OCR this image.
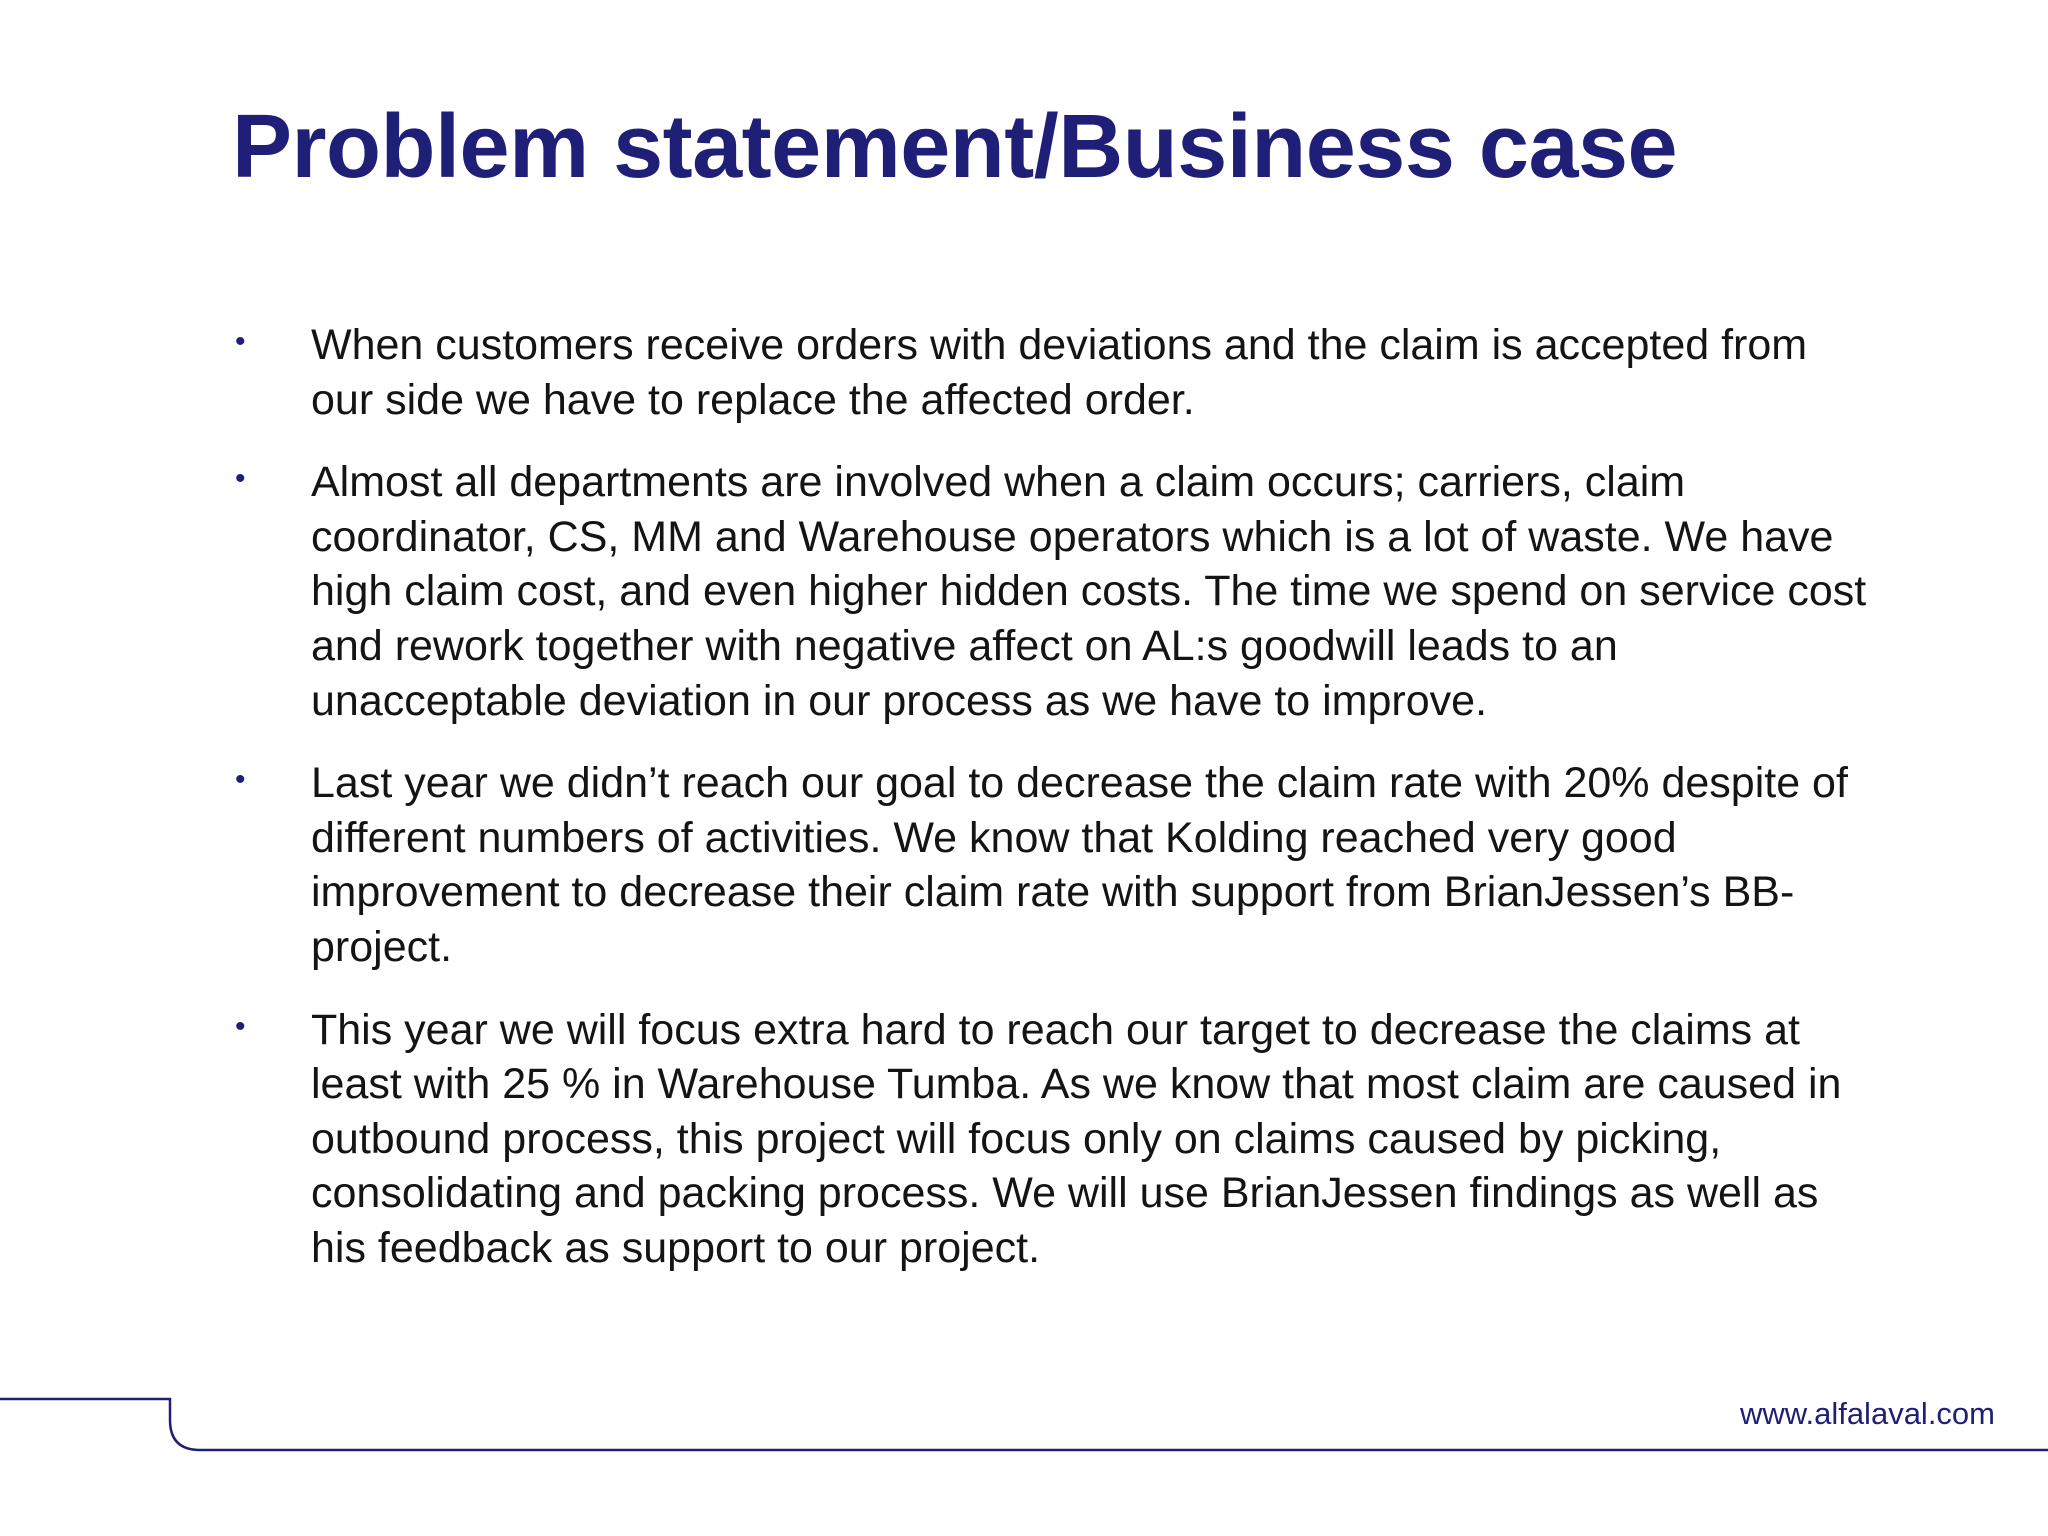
Problem statement/Business case
• When customers receive orders with deviations and the claim is accepted from our side we have to replace the affected order.
• Almost all departments are involved when a claim occurs; carriers, claim coordinator, CS, MM and Warehouse operators which is a lot of waste. We have high claim cost, and even higher hidden costs. The time we spend on service cost and rework together with negative affect on AL:s goodwill leads to an unacceptable deviation in our process as we have to improve.
• Last year we didn’t reach our goal to decrease the claim rate with 20% despite of different numbers of activities. We know that Kolding reached very good improvement to decrease their claim rate with support from BrianJessen’s BB-project.
• This year we will focus extra hard to reach our target to decrease the claims at least with 25 % in Warehouse Tumba. As we know that most claim are caused in outbound process, this project will focus only on claims caused by picking, consolidating and packing process. We will use BrianJessen findings as well as his feedback as support to our project.
www.alfalaval.com
